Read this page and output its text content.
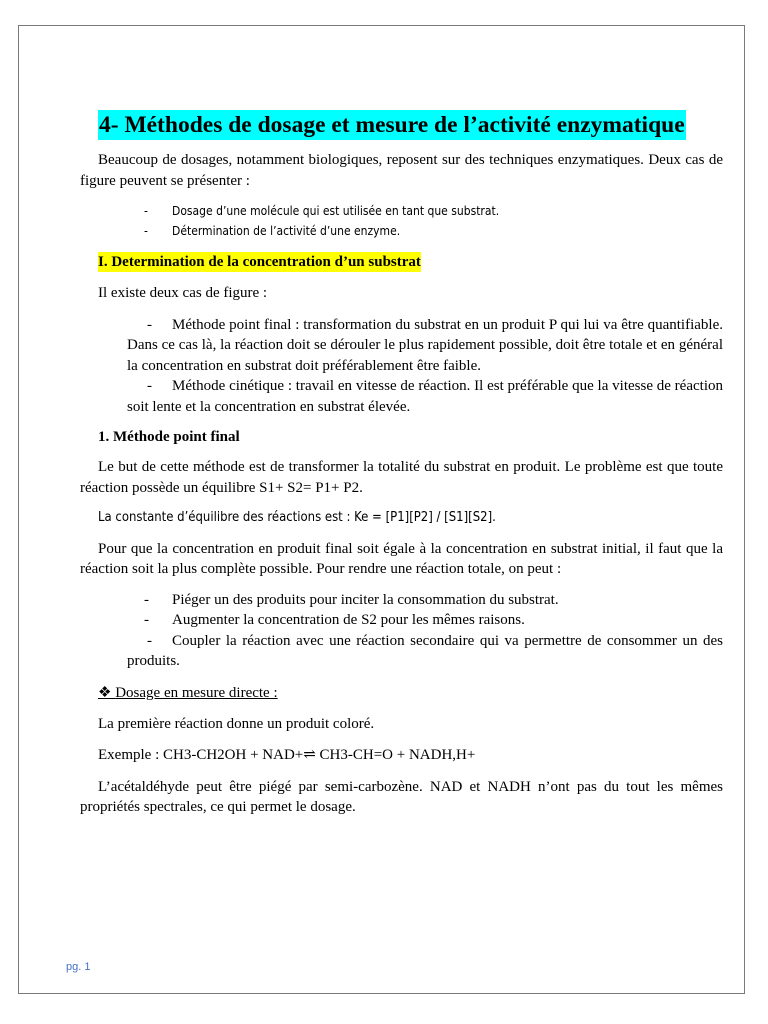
4- Méthodes de dosage et mesure de l’activité enzymatique

Beaucoup de dosages, notamment biologiques, reposent sur des techniques enzymatiques. Deux cas de figure peuvent se présenter :

- Dosage d’une molécule qui est utilisée en tant que substrat.
- Détermination de l’activité d’une enzyme.
I. Determination de la concentration d’un substrat

Il existe deux cas de figure :

- Méthode point final : transformation du substrat en un produit P qui lui va être quantifiable. Dans ce cas là, la réaction doit se dérouler le plus rapidement possible, doit être totale et en général la concentration en substrat doit préférablement être faible.

- Méthode cinétique : travail en vitesse de réaction. Il est préférable que la vitesse de réaction soit lente et la concentration en substrat élevée.

1. Méthode point final

Le but de cette méthode est de transformer la totalité du substrat en produit. Le problème est que toute réaction possède un équilibre S1+ S2= P1+ P2.

La constante d’équilibre des réactions est : Ke = [P1][P2] / [S1][S2].

Pour que la concentration en produit final soit égale à la concentration en substrat initial, il faut que la réaction soit la plus complète possible. Pour rendre une réaction totale, on peut :

- Piéger un des produits pour inciter la consommation du substrat.
- Augmenter la concentration de S2 pour les mêmes raisons.

- Coupler la réaction avec une réaction secondaire qui va permettre de consommer un des produits.

❖ Dosage en mesure directe :

La première réaction donne un produit coloré.

Exemple : CH3-CH2OH + NAD+⇌ CH3-CH=O + NADH,H+

L’acétaldéhyde peut être piégé par semi-carbozène. NAD et NADH n’ont pas du tout les mêmes propriétés spectrales, ce qui permet le dosage.

pg. 1
